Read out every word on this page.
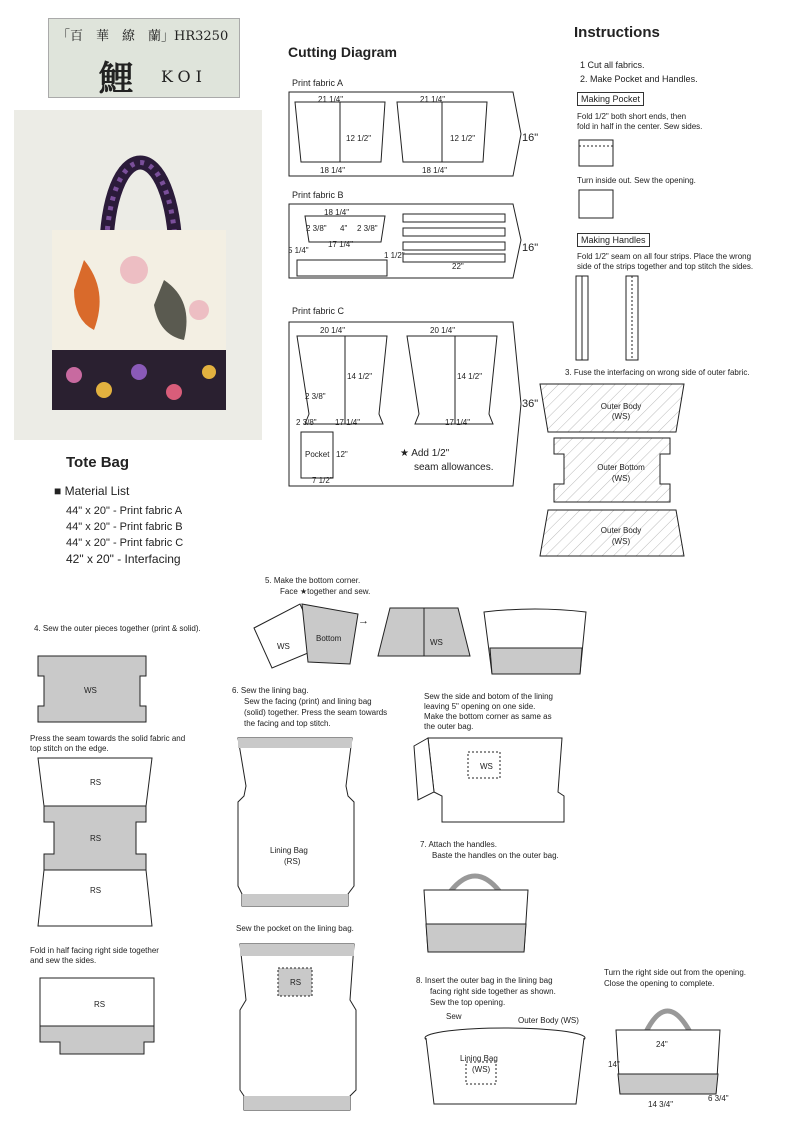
「百　華　繚　蘭」HR3250
鯉 KOI
Tote Bag
■ Material List
44" x 20" - Print fabric A
44" x 20" - Print fabric B
44" x 20" - Print fabric C
42" x 20" - Interfacing
Cutting Diagram
Print fabric A
21 1/4"	21 1/4"
12 1/2"	12 1/2"
18 1/4"	18 1/4"
16"
Print fabric B
18 1/4"
2 3/8" 4" 2 3/8"
17 1/4"
5 1/4"
1 1/2"
22"
16"
Print fabric C
20 1/4"	20 1/4"
14 1/2"	14 1/2"
2 3/8"
2 3/8" 17 1/4"	17 1/4"
Pocket 12"
7 1/2"
★ Add 1/2"
seam allowances.
36"
Instructions
1 Cut all fabrics.
2. Make Pocket and Handles.
Making Pocket
Fold 1/2" both short ends, then
fold in half in the center. Sew sides.
Turn inside out. Sew the opening.
Making Handles
Fold 1/2" seam on all four strips. Place the wrong
side of the strips together and top stitch the sides.
3. Fuse the interfacing on wrong side of outer fabric.
Outer Body
(WS)
Outer Bottom
(WS)
Outer Body
(WS)
4. Sew the outer pieces together (print & solid).
WS
Press the seam towards the solid fabric and
top stitch on the edge.
RS
RS
RS
Fold in half facing right side together
and sew the sides.
RS
5. Make the bottom corner.
Face ★together and sew.
WS
Bottom
→
WS
6. Sew the lining bag.
Sew the facing (print) and lining bag
(solid) together. Press the seam towards
the facing and top stitch.
Lining Bag
(RS)
Sew the pocket on the lining bag.
RS
Sew the side and botom of the lining
leaving 5" opening on one side.
Make the bottom corner as same as
the outer bag.
WS
7. Attach the handles.
Baste the handles on the outer bag.
8. Insert the outer bag in the lining bag
facing right side together as shown.
Sew the top opening.
Sew	Outer Body (WS)
Lining Bag
(WS)
Turn the right side out from the opening.
Close the opening to complete.
24"
14"
14 3/4"
6 3/4"
